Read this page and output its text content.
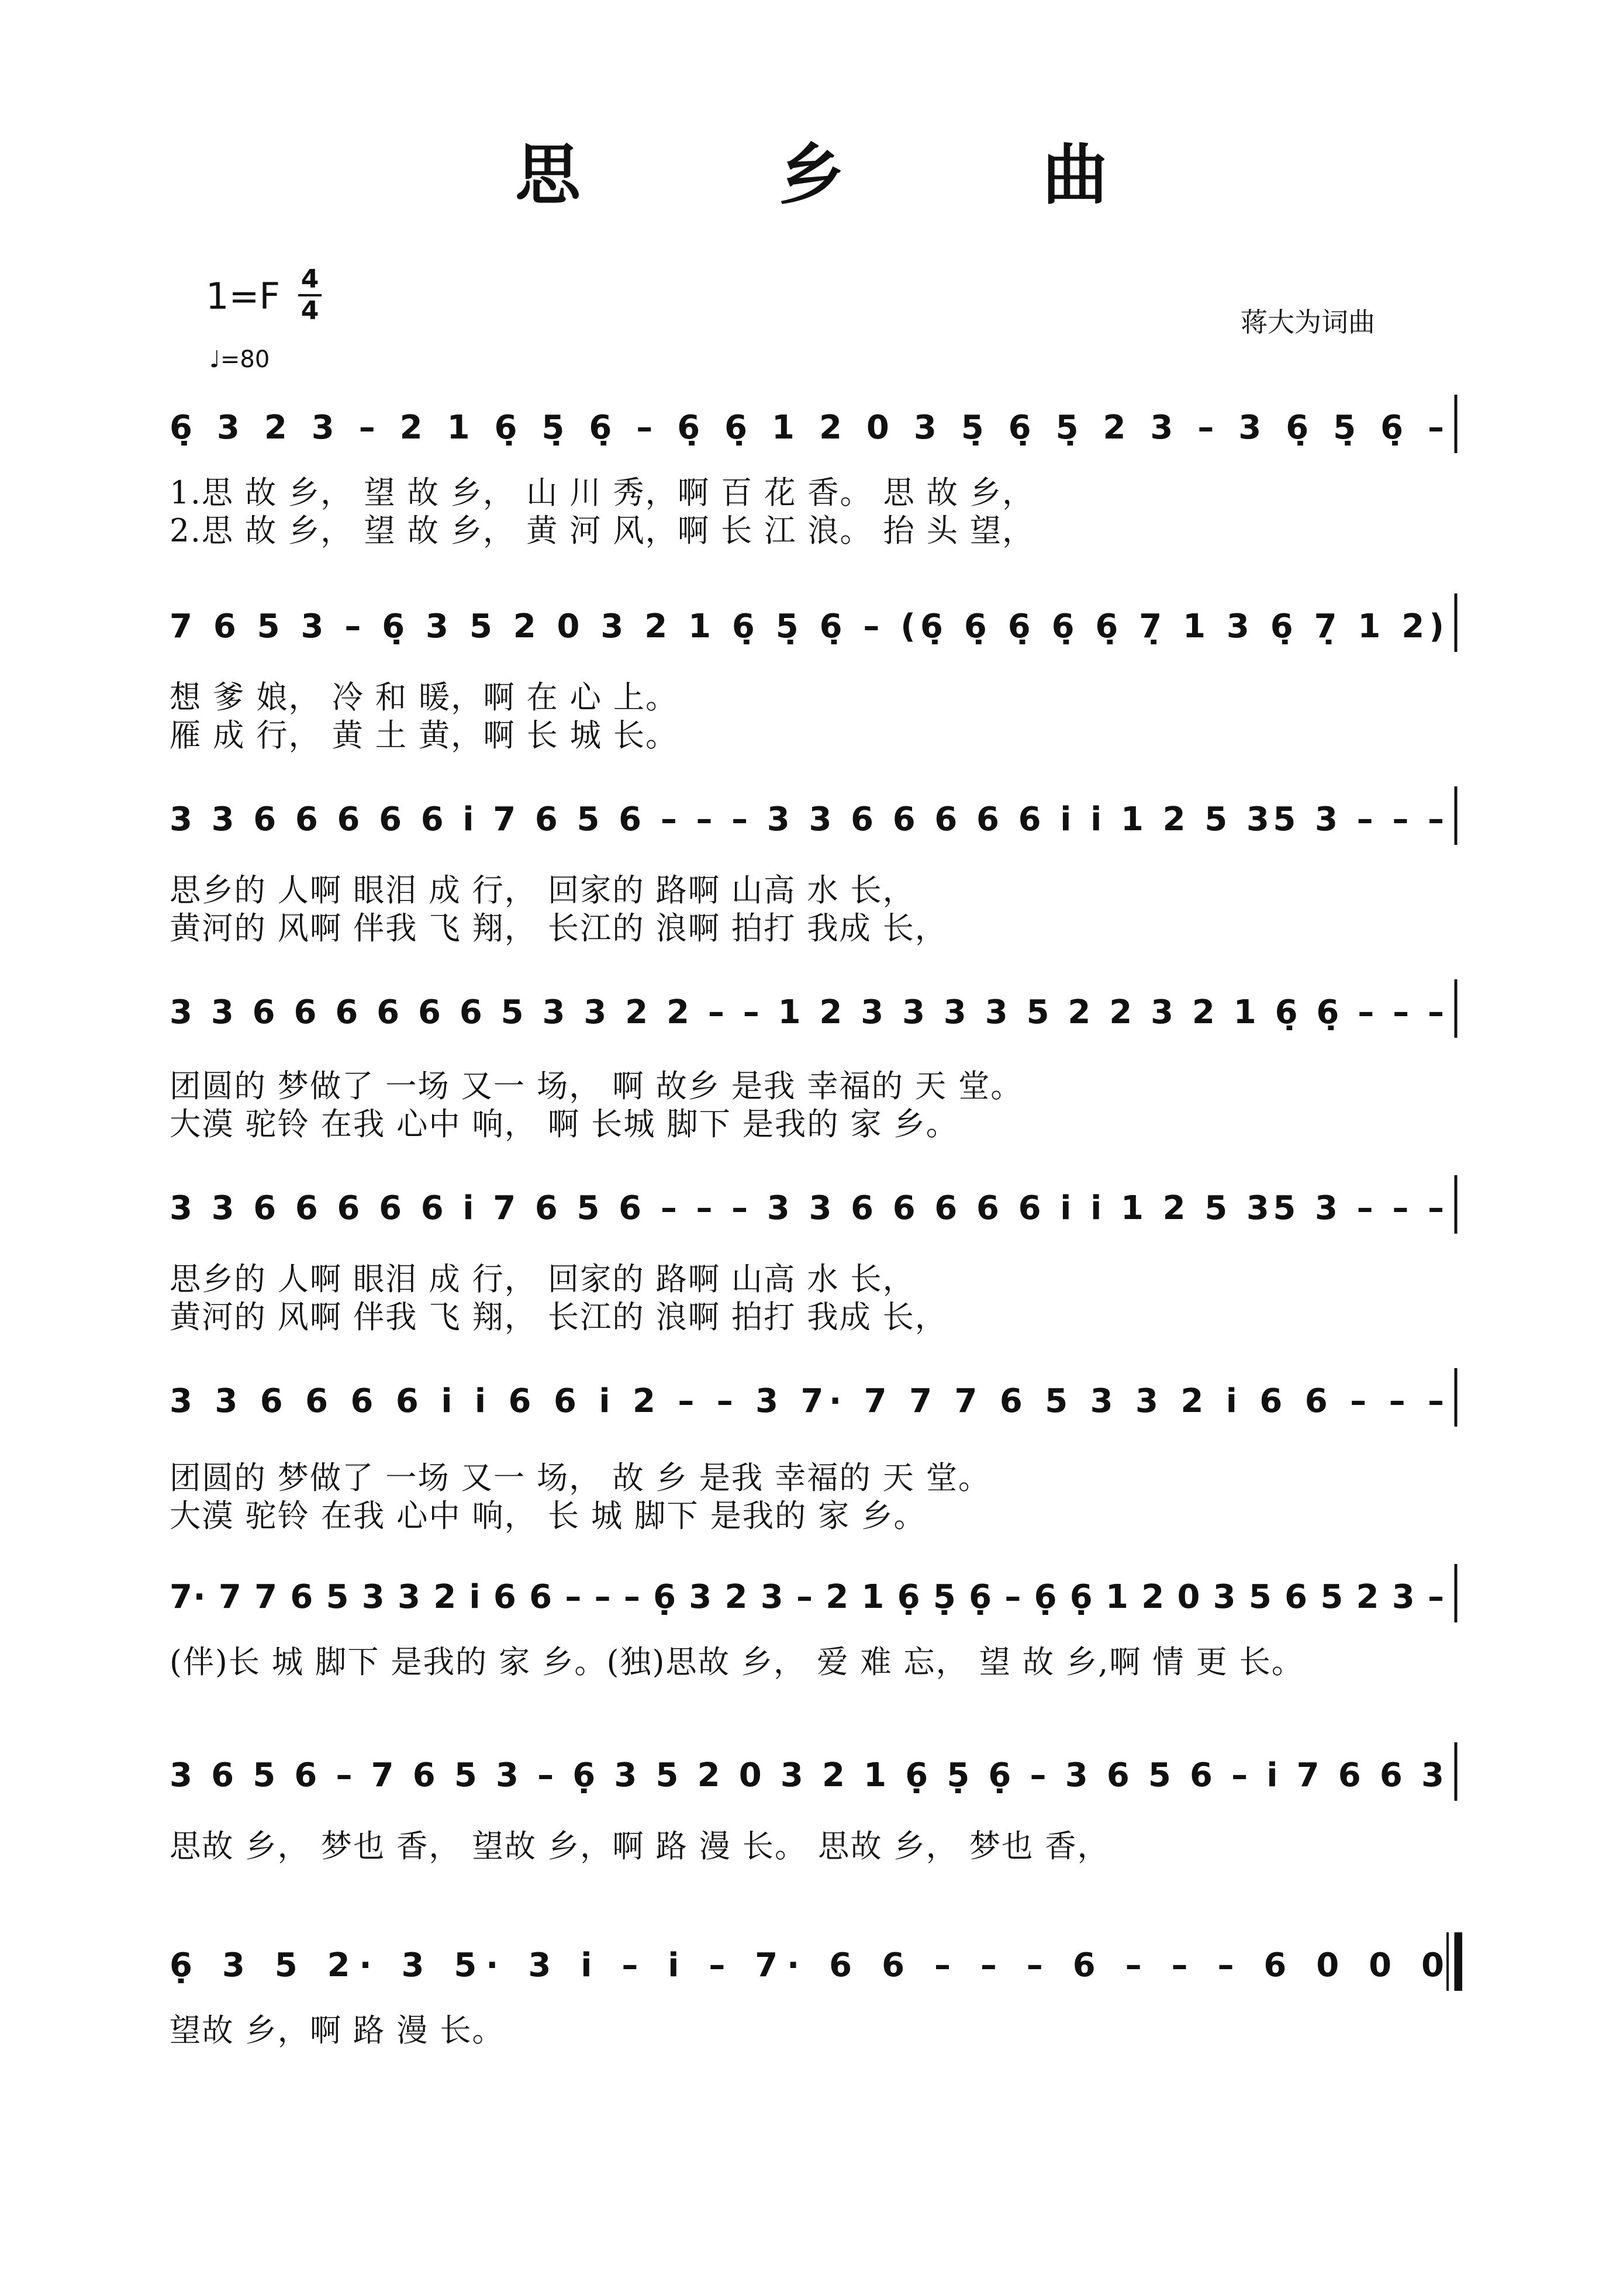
思 乡 曲
1=F 4
4
♩=80
蒋大为词曲
6̣ 3 2 3 – 2 1 6̣ 5̣ 6̣ – 6̣ 6̣ 1 2 0 3 5̣ 6̣ 5̣ 2 3 – 3 6̣ 5̣ 6̣ –
7 6 5 3 – 6̣ 3 5 2 0 3 2 1 6̣ 5̣ 6̣ – (6̣ 6̣ 6̣ 6̣ 6̣ 7̣ 1 3 6̣ 7̣ 1 2)
3 3 6 6 6 6 6 i 7 6 5 6 – – – 3 3 6 6 6 6 6 i i 1 2 5 35 3 – – –
3 3 6 6 6 6 6 6 5 3 3 2 2 – – 1 2 3 3 3 3 5 2 2 3 2 1 6̣ 6̣ – – –
3 3 6 6 6 6 6 i 7 6 5 6 – – – 3 3 6 6 6 6 6 i i 1 2 5 35 3 – – –
3 3 6 6 6 6 i i 6 6 i 2 – – 3 7· 7 7 7 6 5 3 3 2 i 6 6 – – –
7· 7 7 6 5 3 3 2 i 6 6 – – – 6̣ 3 2 3 – 2 1 6̣ 5̣ 6̣ – 6̣ 6̣ 1 2 0 3 5 6 5 2 3 –
3 6 5 6 – 7 6 5 3 – 6̣ 3 5 2 0 3 2 1 6̣ 5̣ 6̣ – 3 6 5 6 – i 7 6 6 3
6̣ 3 5 2· 3 5· 3 i – i – 7· 6 6 – – – 6 – – – 6 0 0 0
1.思 故 乡， 望 故 乡， 山 川 秀，啊 百 花 香。 思 故 乡，
2.思 故 乡， 望 故 乡， 黄 河 风，啊 长 江 浪。 抬 头 望，
想 爹 娘， 冷 和 暖，啊 在 心 上。
雁 成 行， 黄 土 黄，啊 长 城 长。
思乡的 人啊 眼泪 成 行， 回家的 路啊 山高 水 长，
黄河的 风啊 伴我 飞 翔， 长江的 浪啊 拍打 我成 长，
团圆的 梦做了 一场 又一 场， 啊 故乡 是我 幸福的 天 堂。
大漠 驼铃 在我 心中 响， 啊 长城 脚下 是我的 家 乡。
思乡的 人啊 眼泪 成 行， 回家的 路啊 山高 水 长，
黄河的 风啊 伴我 飞 翔， 长江的 浪啊 拍打 我成 长，
团圆的 梦做了 一场 又一 场， 故 乡 是我 幸福的 天 堂。
大漠 驼铃 在我 心中 响， 长 城 脚下 是我的 家 乡。
(伴)长 城 脚下 是我的 家 乡。(独)思故 乡， 爱 难 忘， 望 故 乡,啊 情 更 长。
思故 乡， 梦也 香， 望故 乡，啊 路 漫 长。 思故 乡， 梦也 香，
望故 乡，啊 路 漫 长。
